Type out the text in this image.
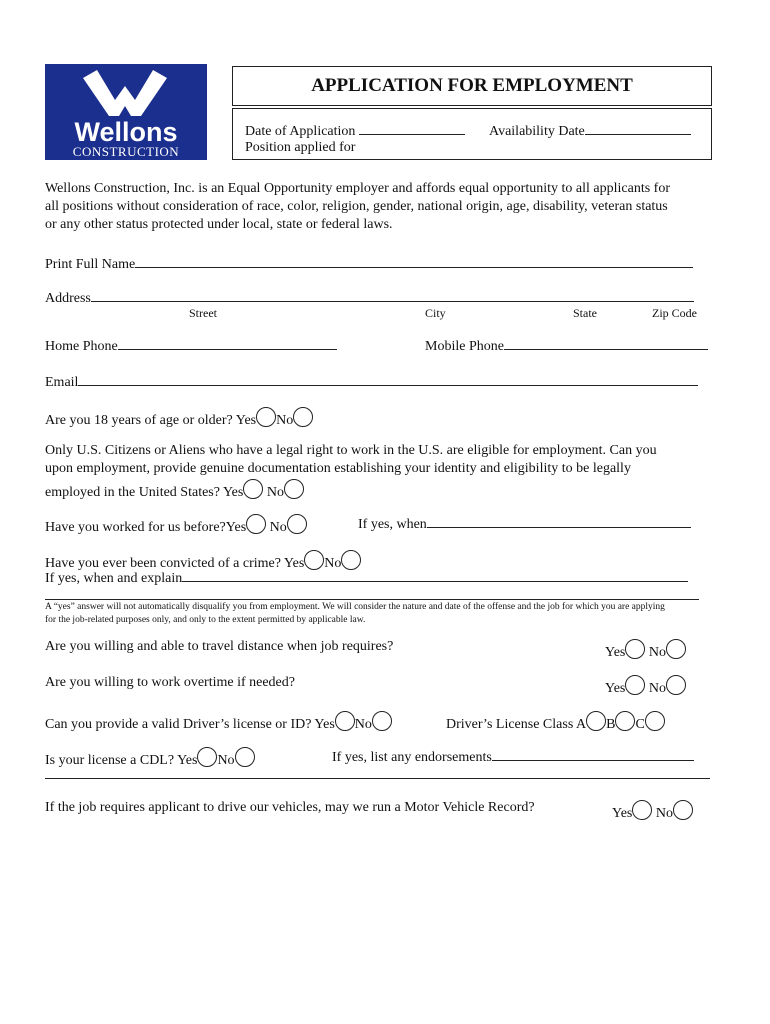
Wellons
CONSTRUCTION
APPLICATION FOR EMPLOYMENT
Date of Application	Availability Date
Position applied for
Wellons Construction, Inc. is an Equal Opportunity employer and affords equal opportunity to all applicants for
all positions without consideration of race, color, religion, gender, national origin, age, disability, veteran status
or any other status protected under local, state or federal laws.
Print Full Name
Address
Street	City	State	Zip Code
Home Phone	Mobile Phone
Email
Are you 18 years of age or older? Yes No
Only U.S. Citizens or Aliens who have a legal right to work in the U.S. are eligible for employment. Can you
upon employment, provide genuine documentation establishing your identity and eligibility to be legally
employed in the United States? Yes No
Have you worked for us before?Yes No	If yes, when
Have you ever been convicted of a crime? Yes No
If yes, when and explain
A “yes” answer will not automatically disqualify you from employment. We will consider the nature and date of the offense and the job for which you are applying
for the job-related purposes only, and only to the extent permitted by applicable law.
Are you willing and able to travel distance when job requires?	Yes No
Are you willing to work overtime if needed?	Yes No
Can you provide a valid Driver’s license or ID? Yes No	Driver’s License Class A B C
Is your license a CDL? Yes No	If yes, list any endorsements
If the job requires applicant to drive our vehicles, may we run a Motor Vehicle Record?	Yes No
